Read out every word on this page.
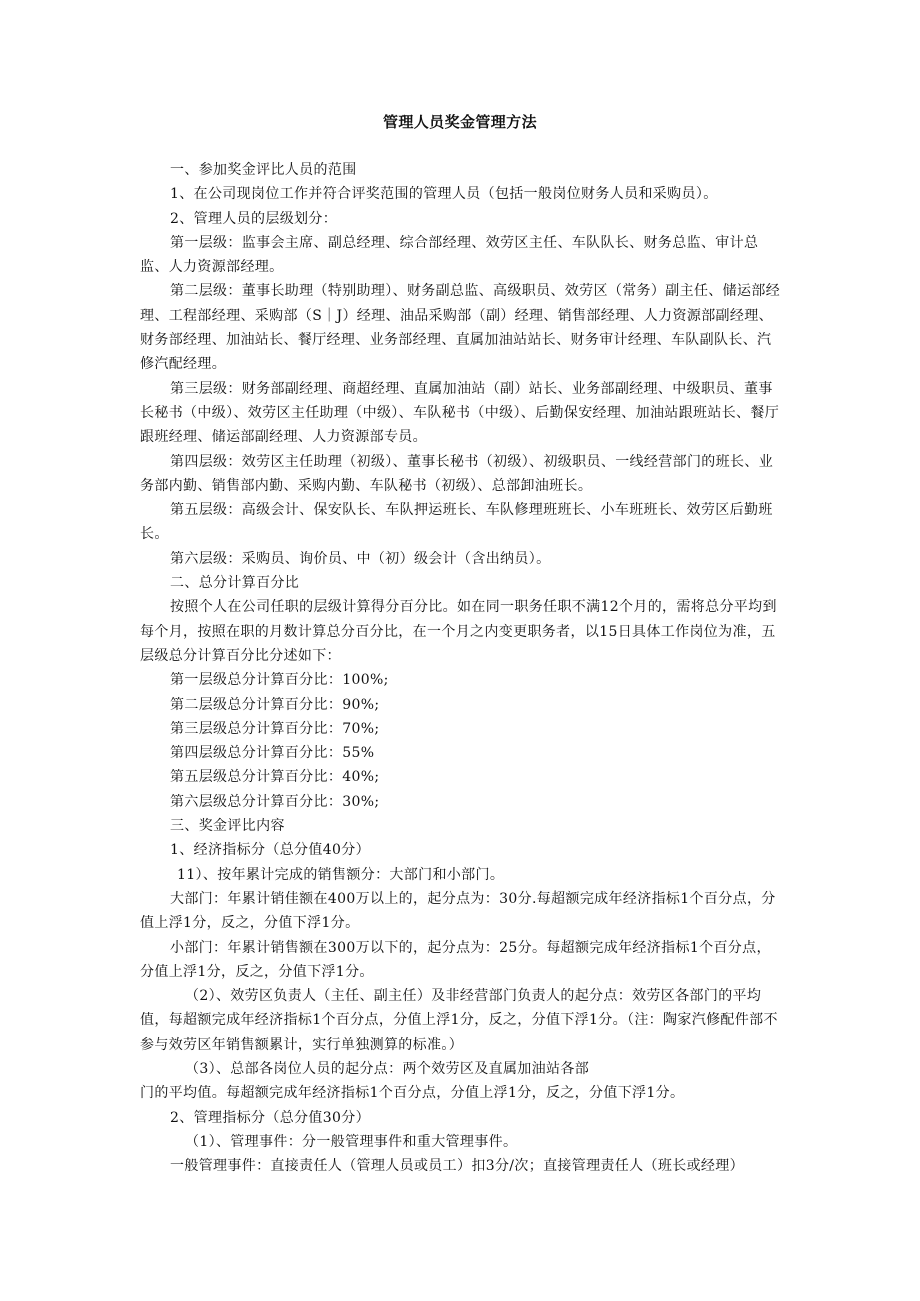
管理人员奖金管理方法

一、参加奖金评比人员的范围

1、在公司现岗位工作并符合评奖范围的管理人员（包括一般岗位财务人员和采购员）。

2、管理人员的层级划分：

第一层级：监事会主席、副总经理、综合部经理、效劳区主任、车队队长、财务总监、审计总监、人力资源部经理。

第二层级：董事长助理（特别助理）、财务副总监、高级职员、效劳区（常务）副主任、储运部经理、工程部经理、采购部（S｜J）经理、油品采购部（副）经理、销售部经理、人力资源部副经理、财务部经理、加油站长、餐厅经理、业务部经理、直属加油站站长、财务审计经理、车队副队长、汽修汽配经理。

第三层级：财务部副经理、商超经理、直属加油站（副）站长、业务部副经理、中级职员、董事长秘书（中级）、效劳区主任助理（中级）、车队秘书（中级）、后勤保安经理、加油站跟班站长、餐厅跟班经理、储运部副经理、人力资源部专员。

第四层级：效劳区主任助理（初级）、董事长秘书（初级）、初级职员、一线经营部门的班长、业务部内勤、销售部内勤、采购内勤、车队秘书（初级）、总部卸油班长。

第五层级：高级会计、保安队长、车队押运班长、车队修理班班长、小车班班长、效劳区后勤班长。

第六层级：采购员、询价员、中（初）级会计（含出纳员）。

二、总分计算百分比

按照个人在公司任职的层级计算得分百分比。如在同一职务任职不满12个月的，需将总分平均到每个月，按照在职的月数计算总分百分比，在一个月之内变更职务者，以15日具体工作岗位为准，五层级总分计算百分比分述如下：

第一层级总分计算百分比：100%;

第二层级总分计算百分比：90%;

第三层级总分计算百分比：70%;

第四层级总分计算百分比：55%

第五层级总分计算百分比：40%;

第六层级总分计算百分比：30%;

三、奖金评比内容

1、经济指标分（总分值40分）

11）、按年累计完成的销售额分：大部门和小部门。

大部门：年累计销佳额在400万以上的，起分点为：30分.每超额完成年经济指标1个百分点，分值上浮1分，反之，分值下浮1分。

小部门：年累计销售额在300万以下的，起分点为：25分。每超额完成年经济指标1个百分点，分值上浮1分，反之，分值下浮1分。

（2）、效劳区负责人（主任、副主任）及非经营部门负责人的起分点：效劳区各部门的平均值，每超额完成年经济指标1个百分点，分值上浮1分，反之，分值下浮1分。（注：陶家汽修配件部不参与效劳区年销售额累计，实行单独测算的标准。）

（3）、总部各岗位人员的起分点：两个效劳区及直属加油站各部

门的平均值。每超额完成年经济指标1个百分点，分值上浮1分，反之，分值下浮1分。

2、管理指标分（总分值30分）

（1）、管理事件：分一般管理事件和重大管理事件。

一般管理事件：直接责任人（管理人员或员工）扣3分/次；直接管理责任人（班长或经理）
